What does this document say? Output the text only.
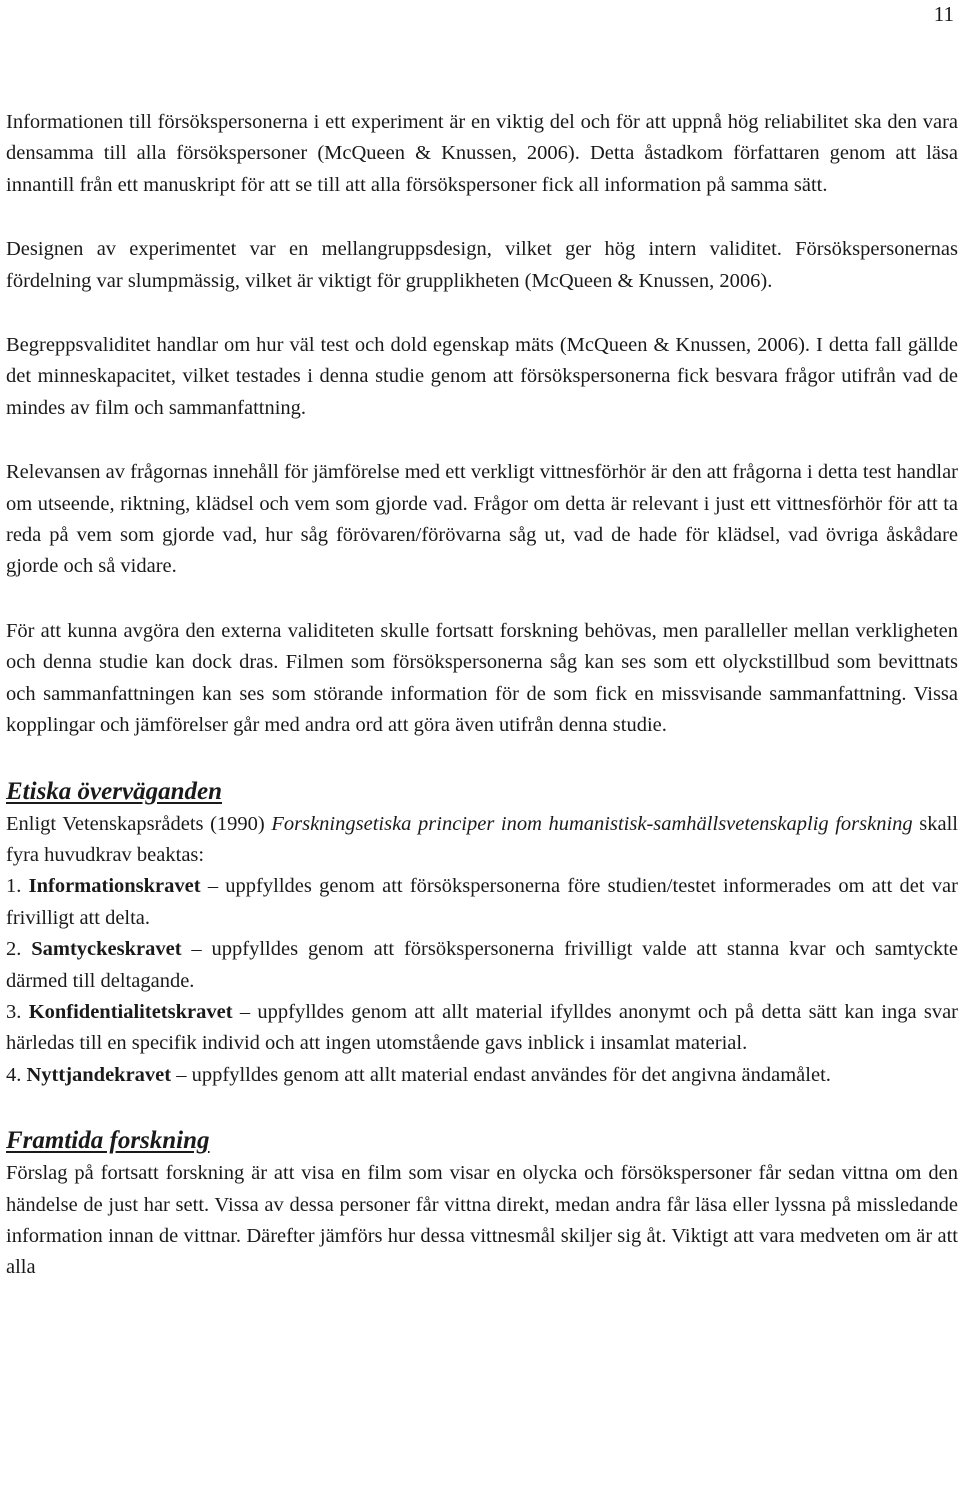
11

Informationen till försökspersonerna i ett experiment är en viktig del och för att uppnå hög reliabilitet ska den vara densamma till alla försökspersoner (McQueen & Knussen, 2006). Detta åstadkom författaren genom att läsa innantill från ett manuskript för att se till att alla försökspersoner fick all information på samma sätt.

Designen av experimentet var en mellangruppsdesign, vilket ger hög intern validitet. Försökspersonernas fördelning var slumpmässig, vilket är viktigt för grupplikheten (McQueen & Knussen, 2006).

Begreppsvaliditet handlar om hur väl test och dold egenskap mäts (McQueen & Knussen, 2006). I detta fall gällde det minneskapacitet, vilket testades i denna studie genom att försökspersonerna fick besvara frågor utifrån vad de mindes av film och sammanfattning.

Relevansen av frågornas innehåll för jämförelse med ett verkligt vittnesförhör är den att frågorna i detta test handlar om utseende, riktning, klädsel och vem som gjorde vad. Frågor om detta är relevant i just ett vittnesförhör för att ta reda på vem som gjorde vad, hur såg förövaren/förövarna såg ut, vad de hade för klädsel, vad övriga åskådare gjorde och så vidare.

För att kunna avgöra den externa validiteten skulle fortsatt forskning behövas, men paralleller mellan verkligheten och denna studie kan dock dras. Filmen som försökspersonerna såg kan ses som ett olyckstillbud som bevittnats och sammanfattningen kan ses som störande information för de som fick en missvisande sammanfattning. Vissa kopplingar och jämförelser går med andra ord att göra även utifrån denna studie.

Etiska överväganden

Enligt Vetenskapsrådets (1990) Forskningsetiska principer inom humanistisk-samhällsvetenskaplig forskning skall fyra huvudkrav beaktas:

1. Informationskravet – uppfylldes genom att försökspersonerna före studien/testet informerades om att det var frivilligt att delta.

2. Samtyckeskravet – uppfylldes genom att försökspersonerna frivilligt valde att stanna kvar och samtyckte därmed till deltagande.

3. Konfidentialitetskravet – uppfylldes genom att allt material ifylldes anonymt och på detta sätt kan inga svar härledas till en specifik individ och att ingen utomstående gavs inblick i insamlat material.

4. Nyttjandekravet – uppfylldes genom att allt material endast användes för det angivna ändamålet.

Framtida forskning

Förslag på fortsatt forskning är att visa en film som visar en olycka och försökspersoner får sedan vittna om den händelse de just har sett. Vissa av dessa personer får vittna direkt, medan andra får läsa eller lyssna på missledande information innan de vittnar. Därefter jämförs hur dessa vittnesmål skiljer sig åt. Viktigt att vara medveten om är att alla
